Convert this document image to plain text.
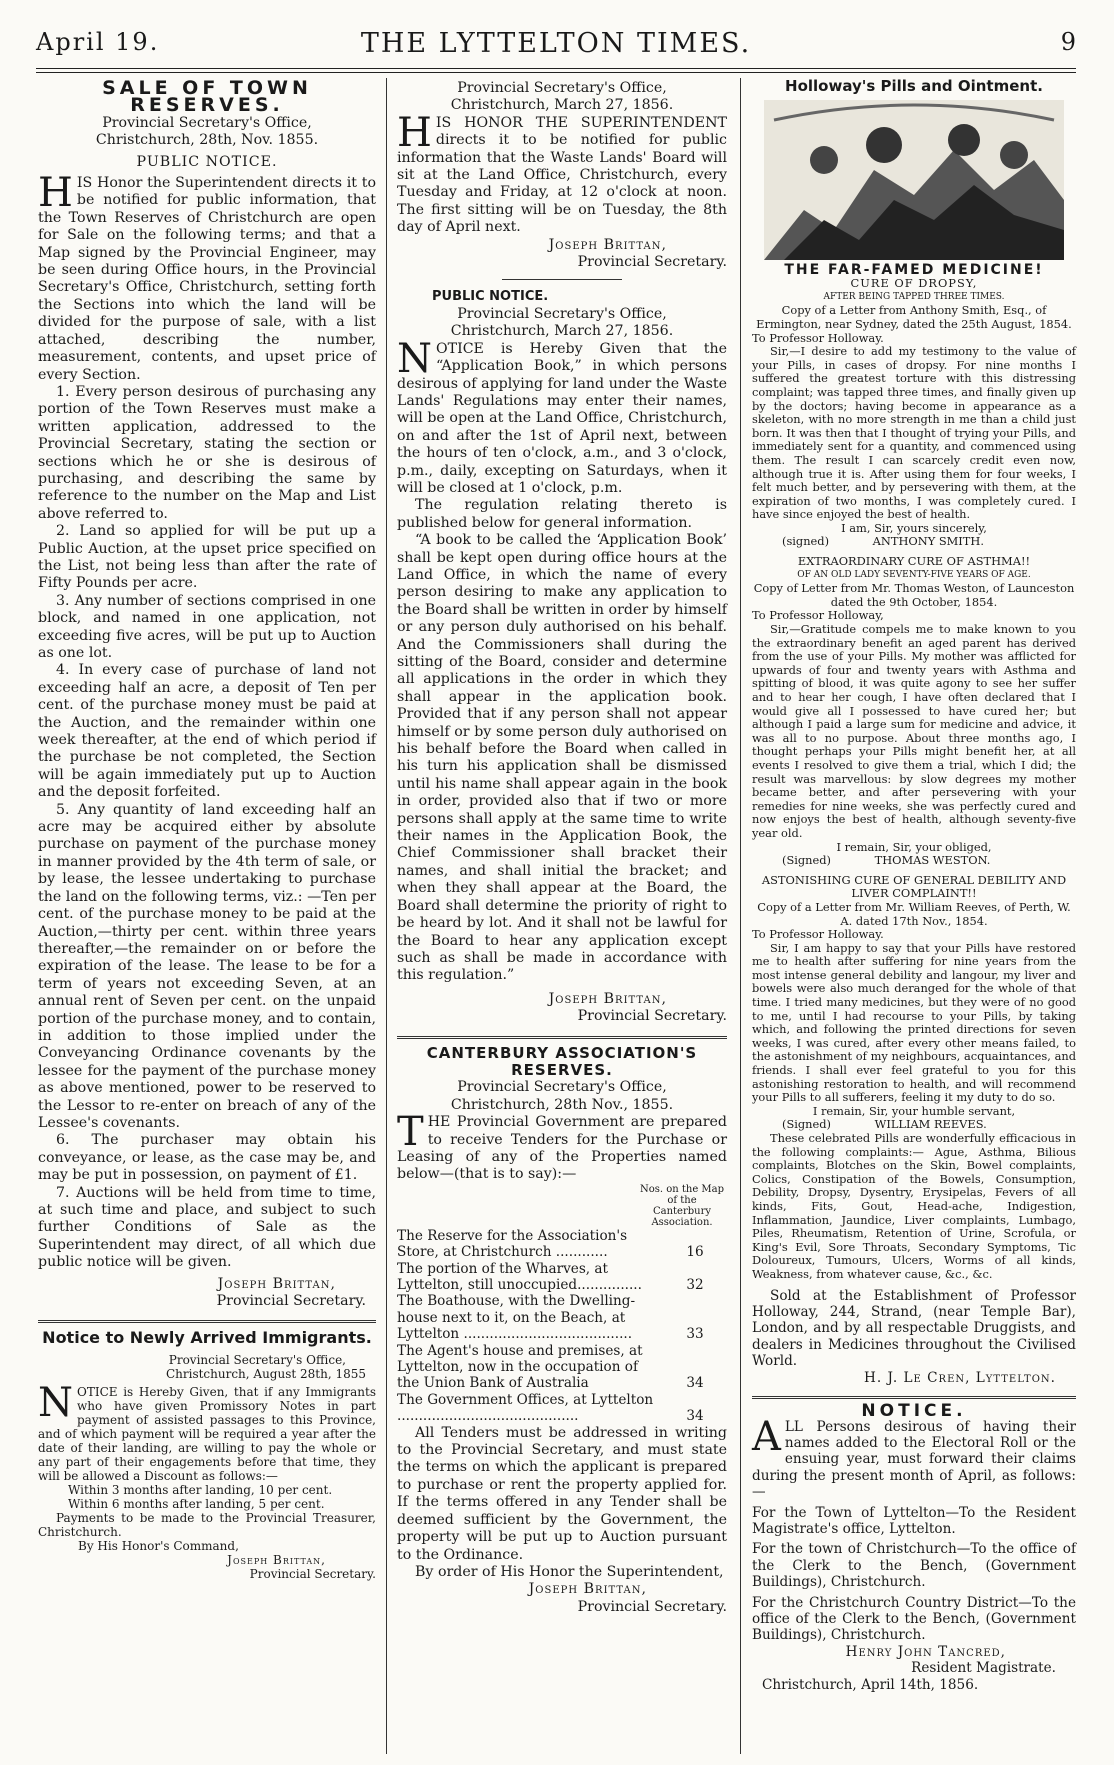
April 19.	THE LYTTELTON TIMES.	9
SALE OF TOWN RESERVES.
Provincial Secretary's Office,
Christchurch, 28th, Nov. 1855.
PUBLIC NOTICE.

HIS Honor the Superintendent directs it to be notified for public information, that the Town Reserves of Christchurch are open for Sale on the following terms; and that a Map signed by the Provincial Engineer, may be seen during Office hours, in the Provincial Secretary's Office, Christchurch, setting forth the Sections into which the land will be divided for the purpose of sale, with a list attached, describing the number, measurement, contents, and upset price of every Section.

1. Every person desirous of purchasing any portion of the Town Reserves must make a written application, addressed to the Provincial Secretary, stating the section or sections which he or she is desirous of purchasing, and describing the same by reference to the number on the Map and List above referred to.

2. Land so applied for will be put up a Public Auction, at the upset price specified on the List, not being less than after the rate of Fifty Pounds per acre.

3. Any number of sections comprised in one block, and named in one application, not exceeding five acres, will be put up to Auction as one lot.

4. In every case of purchase of land not exceeding half an acre, a deposit of Ten per cent. of the purchase money must be paid at the Auction, and the remainder within one week thereafter, at the end of which period if the purchase be not completed, the Section will be again immediately put up to Auction and the deposit forfeited.

5. Any quantity of land exceeding half an acre may be acquired either by absolute purchase on payment of the purchase money in manner provided by the 4th term of sale, or by lease, the lessee undertaking to purchase the land on the following terms, viz.: —Ten per cent. of the purchase money to be paid at the Auction,—thirty per cent. within three years thereafter,—the remainder on or before the expiration of the lease. The lease to be for a term of years not exceeding Seven, at an annual rent of Seven per cent. on the unpaid portion of the purchase money, and to contain, in addition to those implied under the Conveyancing Ordinance covenants by the lessee for the payment of the purchase money as above mentioned, power to be reserved to the Lessor to re-enter on breach of any of the Lessee's covenants.

6. The purchaser may obtain his conveyance, or lease, as the case may be, and may be put in possession, on payment of £1.

7. Auctions will be held from time to time, at such time and place, and subject to such further Conditions of Sale as the Superintendent may direct, of all which due public notice will be given.

Joseph Brittan,
Provincial Secretary.
Notice to Newly Arrived Immigrants.
Provincial Secretary's Office,
Christchurch, August 28th, 1855

NOTICE is Hereby Given, that if any Immigrants who have given Promissory Notes in part payment of assisted passages to this Province, and of which payment will be required a year after the date of their landing, are willing to pay the whole or any part of their engagements before that time, they will be allowed a Discount as follows:—

Within 3 months after landing, 10 per cent.
Within 6 months after landing, 5 per cent.

Payments to be made to the Provincial Treasurer, Christchurch.

By His Honor's Command,
Joseph Brittan,
Provincial Secretary.
Provincial Secretary's Office,
Christchurch, March 27, 1856.

HIS HONOR THE SUPERINTENDENT directs it to be notified for public information that the Waste Lands' Board will sit at the Land Office, Christchurch, every Tuesday and Friday, at 12 o'clock at noon. The first sitting will be on Tuesday, the 8th day of April next.

Joseph Brittan,
Provincial Secretary.
PUBLIC NOTICE.
Provincial Secretary's Office,
Christchurch, March 27, 1856.

NOTICE is Hereby Given that the “Application Book,” in which persons desirous of applying for land under the Waste Lands' Regulations may enter their names, will be open at the Land Office, Christchurch, on and after the 1st of April next, between the hours of ten o'clock, a.m., and 3 o'clock, p.m., daily, excepting on Saturdays, when it will be closed at 1 o'clock, p.m.

The regulation relating thereto is published below for general information.

“A book to be called the ‘Application Book’ shall be kept open during office hours at the Land Office, in which the name of every person desiring to make any application to the Board shall be written in order by himself or any person duly authorised on his behalf. And the Commissioners shall during the sitting of the Board, consider and determine all applications in the order in which they shall appear in the application book. Provided that if any person shall not appear himself or by some person duly authorised on his behalf before the Board when called in his turn his application shall be dismissed until his name shall appear again in the book in order, provided also that if two or more persons shall apply at the same time to write their names in the Application Book, the Chief Commissioner shall bracket their names, and shall initial the bracket; and when they shall appear at the Board, the Board shall determine the priority of right to be heard by lot. And it shall not be lawful for the Board to hear any application except such as shall be made in accordance with this regulation.”

Joseph Brittan,
Provincial Secretary.
CANTERBURY ASSOCIATION'S RESERVES.
Provincial Secretary's Office,
Christchurch, 28th Nov., 1855.

THE Provincial Government are prepared to receive Tenders for the Purchase or Leasing of any of the Properties named below—(that is to say):—

Nos. on the Map of the Canterbury Association.
The Reserve for the Association's Store, at Christchurch ............	16
The portion of the Wharves, at Lyttelton, still unoccupied...............	32
The Boathouse, with the Dwelling-house next to it, on the Beach, at Lyttelton .......................................	33
The Agent's house and premises, at Lyttelton, now in the occupation of the Union Bank of Australia	34
The Government Offices, at Lyttelton ..........................................	34

All Tenders must be addressed in writing to the Provincial Secretary, and must state the terms on which the applicant is prepared to purchase or rent the property applied for. If the terms offered in any Tender shall be deemed sufficient by the Government, the property will be put up to Auction pursuant to the Ordinance.

By order of His Honor the Superintendent,

Joseph Brittan,
Provincial Secretary.
Holloway's Pills and Ointment.
THE FAR-FAMED MEDICINE!
CURE OF DROPSY,
AFTER BEING TAPPED THREE TIMES.
Copy of a Letter from Anthony Smith, Esq., of Ermington, near Sydney, dated the 25th August, 1854.
To Professor Holloway.

Sir,—I desire to add my testimony to the value of your Pills, in cases of dropsy. For nine months I suffered the greatest torture with this distressing complaint; was tapped three times, and finally given up by the doctors; having become in appearance as a skeleton, with no more strength in me than a child just born. It was then that I thought of trying your Pills, and immediately sent for a quantity, and commenced using them. The result I can scarcely credit even now, although true it is. After using them for four weeks, I felt much better, and by persevering with them, at the expiration of two months, I was completely cured. I have since enjoyed the best of health.

I am, Sir, yours sincerely,
(signed)	ANTHONY SMITH.
EXTRAORDINARY CURE OF ASTHMA!!
OF AN OLD LADY SEVENTY-FIVE YEARS OF AGE.
Copy of Letter from Mr. Thomas Weston, of Launceston dated the 9th October, 1854.
To Professor Holloway,

Sir,—Gratitude compels me to make known to you the extraordinary benefit an aged parent has derived from the use of your Pills. My mother was afflicted for upwards of four and twenty years with Asthma and spitting of blood, it was quite agony to see her suffer and to hear her cough, I have often declared that I would give all I possessed to have cured her; but although I paid a large sum for medicine and advice, it was all to no purpose. About three months ago, I thought perhaps your Pills might benefit her, at all events I resolved to give them a trial, which I did; the result was marvellous: by slow degrees my mother became better, and after persevering with your remedies for nine weeks, she was perfectly cured and now enjoys the best of health, although seventy-five year old.

I remain, Sir, your obliged,
(Signed)	THOMAS WESTON.
ASTONISHING CURE OF GENERAL DEBILITY AND LIVER COMPLAINT!!
Copy of a Letter from Mr. William Reeves, of Perth, W. A. dated 17th Nov., 1854.
To Professor Holloway.

Sir, I am happy to say that your Pills have restored me to health after suffering for nine years from the most intense general debility and langour, my liver and bowels were also much deranged for the whole of that time. I tried many medicines, but they were of no good to me, until I had recourse to your Pills, by taking which, and following the printed directions for seven weeks, I was cured, after every other means failed, to the astonishment of my neighbours, acquaintances, and friends. I shall ever feel grateful to you for this astonishing restoration to health, and will recommend your Pills to all sufferers, feeling it my duty to do so.

I remain, Sir, your humble servant,
(Signed)	WILLIAM REEVES.

These celebrated Pills are wonderfully efficacious in the following complaints:— Ague, Asthma, Bilious complaints, Blotches on the Skin, Bowel complaints, Colics, Constipation of the Bowels, Consumption, Debility, Dropsy, Dysentry, Erysipelas, Fevers of all kinds, Fits, Gout, Head-ache, Indigestion, Inflammation, Jaundice, Liver complaints, Lumbago, Piles, Rheumatism, Retention of Urine, Scrofula, or King's Evil, Sore Throats, Secondary Symptoms, Tic Doloureux, Tumours, Ulcers, Worms of all kinds, Weakness, from whatever cause, &c., &c.

Sold at the Establishment of Professor Holloway, 244, Strand, (near Temple Bar), London, and by all respectable Druggists, and dealers in Medicines throughout the Civilised World.

H. J. Le Cren, Lyttelton.
NOTICE.

ALL Persons desirous of having their names added to the Electoral Roll or the ensuing year, must forward their claims during the present month of April, as follows:—

For the Town of Lyttelton—To the Resident Magistrate's office, Lyttelton.

For the town of Christchurch—To the office of the Clerk to the Bench, (Government Buildings), Christchurch.

For the Christchurch Country District—To the office of the Clerk to the Bench, (Government Buildings), Christchurch.

Henry John Tancred,
Resident Magistrate.
Christchurch, April 14th, 1856.
